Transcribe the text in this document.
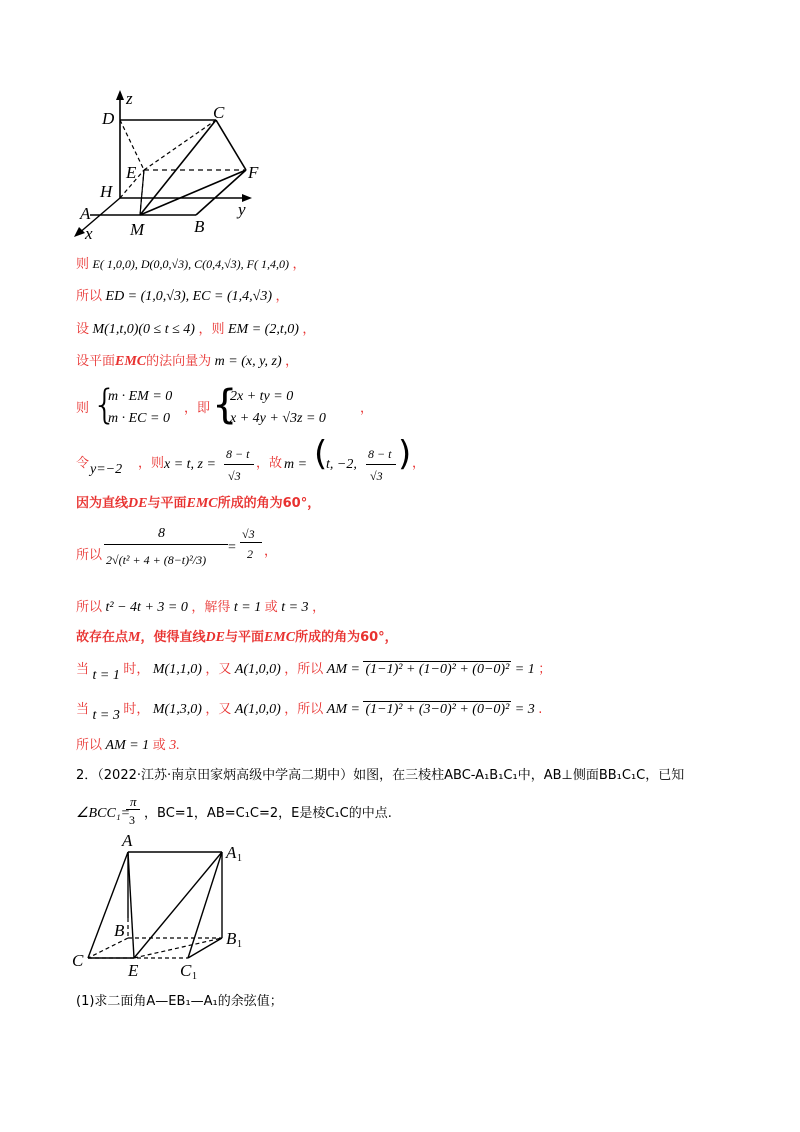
z
D	C
E	F
H
A
M	B
y
x
则 E( 1,0,0), D(0,0,√3), C(0,4,√3), F( 1,4,0) ，
所以 ED = (1,0,√3), EC = (1,4,√3) ，
设 M(1,t,0)(0 ≤ t ≤ 4) ，则 EM = (2,t,0) ，
设平面EMC的法向量为 m = (x, y, z) ，
则 {
m · EM = 0
m · EC = 0
，即 {
2x + ty = 0
x + 4y + √3z = 0
，
令 y=−2 ，则 x = t, z =
8 − t
√3
，故 m = (
t, −2,
8 − t
√3
) ，
因为直线DE与平面EMC所成的角为60°，
所以
8
2√(t² + 4 + (8−t)²/3)
=
√3
2 ，
所以 t² − 4t + 3 = 0 ，解得 t = 1 或 t = 3 ，
故存在点M，使得直线DE与平面EMC所成的角为60°，
当 t = 1 时， M(1,1,0) ，又 A(1,0,0) ，所以 AM = (1−1)² + (1−0)² + (0−0)² = 1 ；
当 t = 3 时， M(1,3,0) ，又 A(1,0,0) ，所以 AM = (1−1)² + (3−0)² + (0−0)² = 3 .
所以 AM = 1 或 3.
2．（2022·江苏·南京田家炳高级中学高二期中）如图，在三棱柱ABC-A₁B₁C₁中，AB⊥侧面BB₁C₁C，已知
∠BCC₁=
π
3 ，BC=1，AB=C₁C=2，E是棱C₁C的中点.
A
A 1
B	B 1
C
E C 1
(1)求二面角A—EB₁—A₁的余弦值；
